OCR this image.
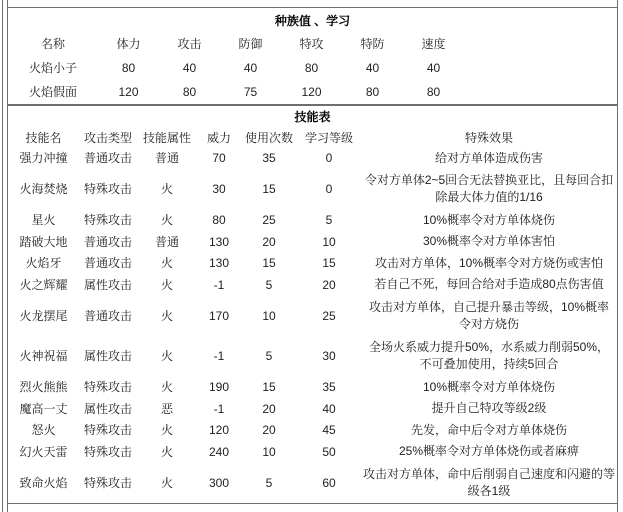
种族值 、学习
名称	体力	攻击	防御	特攻	特防	速度	
火焰小子	80	40	40	80	40	40	
火焰假面	120	80	75	120	80	80	
技能表
技能名	攻击类型	技能属性	威力	使用次数	学习等级	特殊效果
强力冲撞	普通攻击	普通	70	35	0	给对方单体造成伤害
火海焚烧	特殊攻击	火	30	15	0	令对方单体2~5回合无法替换亚比，且每回合扣除最大体力值的1/16
星火	特殊攻击	火	80	25	5	10%概率令对方单体烧伤
踏破大地	普通攻击	普通	130	20	10	30%概率令对方单体害怕
火焰牙	普通攻击	火	130	15	15	攻击对方单体，10%概率令对方烧伤或害怕
火之辉耀	属性攻击	火	-1	5	20	若自己不死，每回合给对手造成80点伤害值
火龙摆尾	普通攻击	火	170	10	25	攻击对方单体，自己提升暴击等级，10%概率令对方烧伤
火神祝福	属性攻击	火	-1	5	30	全场火系威力提升50%，水系威力削弱50%，不可叠加使用，持续5回合
烈火熊熊	特殊攻击	火	190	15	35	10%概率令对方单体烧伤
魔高一丈	属性攻击	恶	-1	20	40	提升自己特攻等级2级
怒火	特殊攻击	火	120	20	45	先发，命中后令对方单体烧伤
幻火天雷	特殊攻击	火	240	10	50	25%概率令对方单体烧伤或者麻痹
致命火焰	特殊攻击	火	300	5	60	攻击对方单体，命中后削弱自己速度和闪避的等级各1级
